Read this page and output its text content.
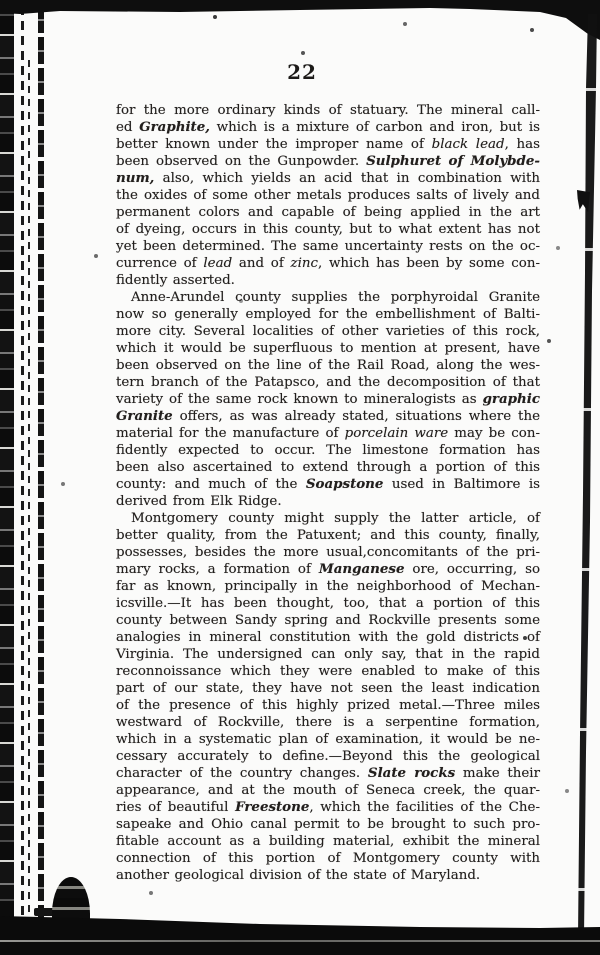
22
for the more ordinary kinds of statuary. The mineral call-
ed Graphite, which is a mixture of carbon and iron, but is
better known under the improper name of black lead, has
been observed on the Gunpowder. Sulphuret of Molybde-
num, also, which yields an acid that in combination with
the oxides of some other metals produces salts of lively and
permanent colors and capable of being applied in the art
of dyeing, occurs in this county, but to what extent has not
yet been determined. The same uncertainty rests on the oc-
currence of lead and of zinc, which has been by some con-
fidently asserted.
Anne-Arundel county supplies the porphyroidal Granite
now so generally employed for the embellishment of Balti-
more city. Several localities of other varieties of this rock,
which it would be superfluous to mention at present, have
been observed on the line of the Rail Road, along the wes-
tern branch of the Patapsco, and the decomposition of that
variety of the same rock known to mineralogists as graphic
Granite offers, as was already stated, situations where the
material for the manufacture of porcelain ware may be con-
fidently expected to occur. The limestone formation has
been also ascertained to extend through a portion of this
county: and much of the Soapstone used in Baltimore is
derived from Elk Ridge.
Montgomery county might supply the latter article, of
better quality, from the Patuxent; and this county, finally,
possesses, besides the more usual,concomitants of the pri-
mary rocks, a formation of Manganese ore, occurring, so
far as known, principally in the neighborhood of Mechan-
icsville.—It has been thought, too, that a portion of this
county between Sandy spring and Rockville presents some
analogies in mineral constitution with the gold districts of
Virginia. The undersigned can only say, that in the rapid
reconnoissance which they were enabled to make of this
part of our state, they have not seen the least indication
of the presence of this highly prized metal.—Three miles
westward of Rockville, there is a serpentine formation,
which in a systematic plan of examination, it would be ne-
cessary accurately to define.—Beyond this the geological
character of the country changes. Slate rocks make their
appearance, and at the mouth of Seneca creek, the quar-
ries of beautiful Freestone, which the facilities of the Che-
sapeake and Ohio canal permit to be brought to such pro-
fitable account as a building material, exhibit the mineral
connection of this portion of Montgomery county with
another geological division of the state of Maryland.
